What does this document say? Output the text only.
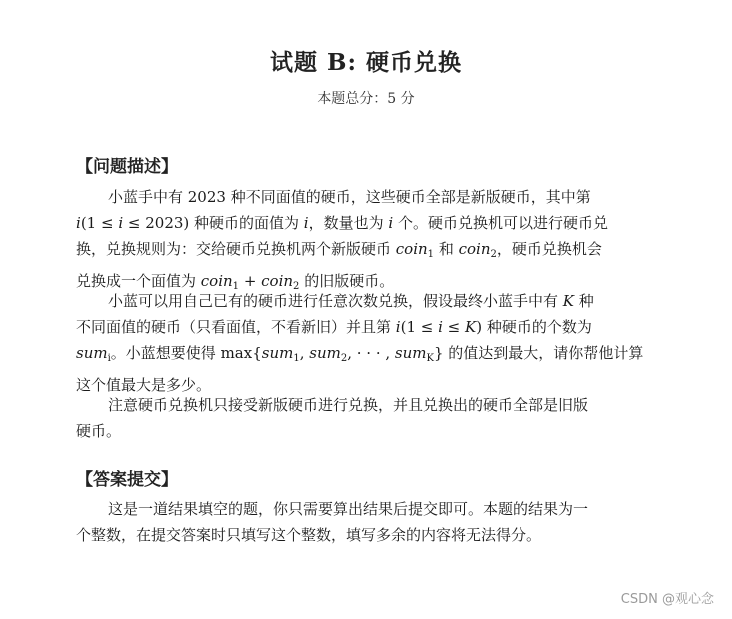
试题 B: 硬币兑换
本题总分：5 分
【问题描述】
小蓝手中有 2023 种不同面值的硬币，这些硬币全部是新版硬币，其中第
i(1 ≤ i ≤ 2023) 种硬币的面值为 i，数量也为 i 个。硬币兑换机可以进行硬币兑
换，兑换规则为：交给硬币兑换机两个新版硬币 coin$_1$ 和 coin$_2$，硬币兑换机会
兑换成一个面值为 coin$_1$ + coin$_2$ 的旧版硬币。
小蓝可以用自己已有的硬币进行任意次数兑换，假设最终小蓝手中有 K 种
不同面值的硬币（只看面值，不看新旧）并且第 i(1 ≤ i ≤ K) 种硬币的个数为
sum$_i$。小蓝想要使得 max{sum$_1$, sum$_2$, · · · , sum$_K$} 的值达到最大，请你帮他计算
这个值最大是多少。
注意硬币兑换机只接受新版硬币进行兑换，并且兑换出的硬币全部是旧版
硬币。
【答案提交】
这是一道结果填空的题，你只需要算出结果后提交即可。本题的结果为一
个整数，在提交答案时只填写这个整数，填写多余的内容将无法得分。
CSDN @观心念
